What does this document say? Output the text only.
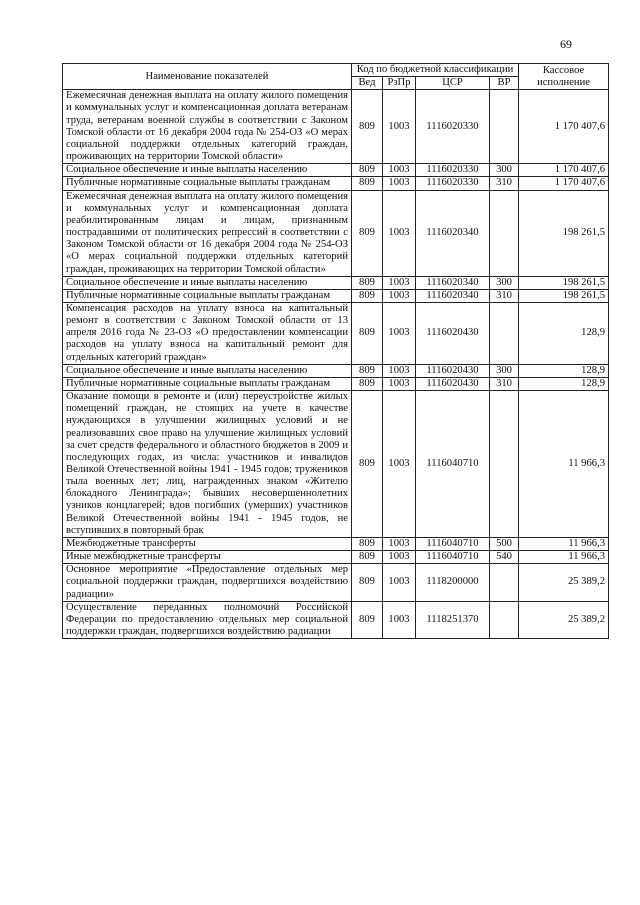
69
Наименование показателей	Код по бюджетной классификации				Кассовое исполнение
	Вед	РзПр	ЦСР	ВР	
Ежемесячная денежная выплата на оплату жилого помещения и коммунальных услуг и компенсационная доплата ветеранам труда, ветеранам военной службы в соответствии с Законом Томской области от 16 декабря 2004 года № 254-ОЗ «О мерах социальной поддержки отдельных категорий граждан, проживающих на территории Томской области»	809	1003	1116020330		1 170 407,6
Социальное обеспечение и иные выплаты населению	809	1003	1116020330	300	1 170 407,6
Публичные нормативные социальные выплаты гражданам	809	1003	1116020330	310	1 170 407,6
Ежемесячная денежная выплата на оплату жилого помещения и коммунальных услуг и компенсационная доплата реабилитированным лицам и лицам, признанным пострадавшими от политических репрессий в соответствии с Законом Томской области от 16 декабря 2004 года № 254-ОЗ «О мерах социальной поддержки отдельных категорий граждан, проживающих на территории Томской области»	809	1003	1116020340		198 261,5
Социальное обеспечение и иные выплаты населению	809	1003	1116020340	300	198 261,5
Публичные нормативные социальные выплаты гражданам	809	1003	1116020340	310	198 261,5
Компенсация расходов на уплату взноса на капитальный ремонт в соответствии с Законом Томской области от 13 апреля 2016 года № 23-ОЗ «О предоставлении компенсации расходов на уплату взноса на капитальный ремонт для отдельных категорий граждан»	809	1003	1116020430		128,9
Социальное обеспечение и иные выплаты населению	809	1003	1116020430	300	128,9
Публичные нормативные социальные выплаты гражданам	809	1003	1116020430	310	128,9
Оказание помощи в ремонте и (или) переустройстве жилых помещений граждан, не стоящих на учете в качестве нуждающихся в улучшении жилищных условий и не реализовавших свое право на улучшение жилищных условий за счет средств федерального и областного бюджетов в 2009 и последующих годах, из числа: участников и инвалидов Великой Отечественной войны 1941 - 1945 годов; тружеников тыла военных лет; лиц, награжденных знаком «Жителю блокадного Ленинграда»; бывших несовершеннолетних узников концлагерей; вдов погибших (умерших) участников Великой Отечественной войны 1941 - 1945 годов, не вступивших в повторный брак	809	1003	1116040710		11 966,3
Межбюджетные трансферты	809	1003	1116040710	500	11 966,3
Иные межбюджетные трансферты	809	1003	1116040710	540	11 966,3
Основное мероприятие «Предоставление отдельных мер социальной поддержки граждан, подвергшихся воздействию радиации»	809	1003	1118200000		25 389,2
Осуществление переданных полномочий Российской Федерации по предоставлению отдельных мер социальной поддержки граждан, подвергшихся воздействию радиации	809	1003	1118251370		25 389,2
